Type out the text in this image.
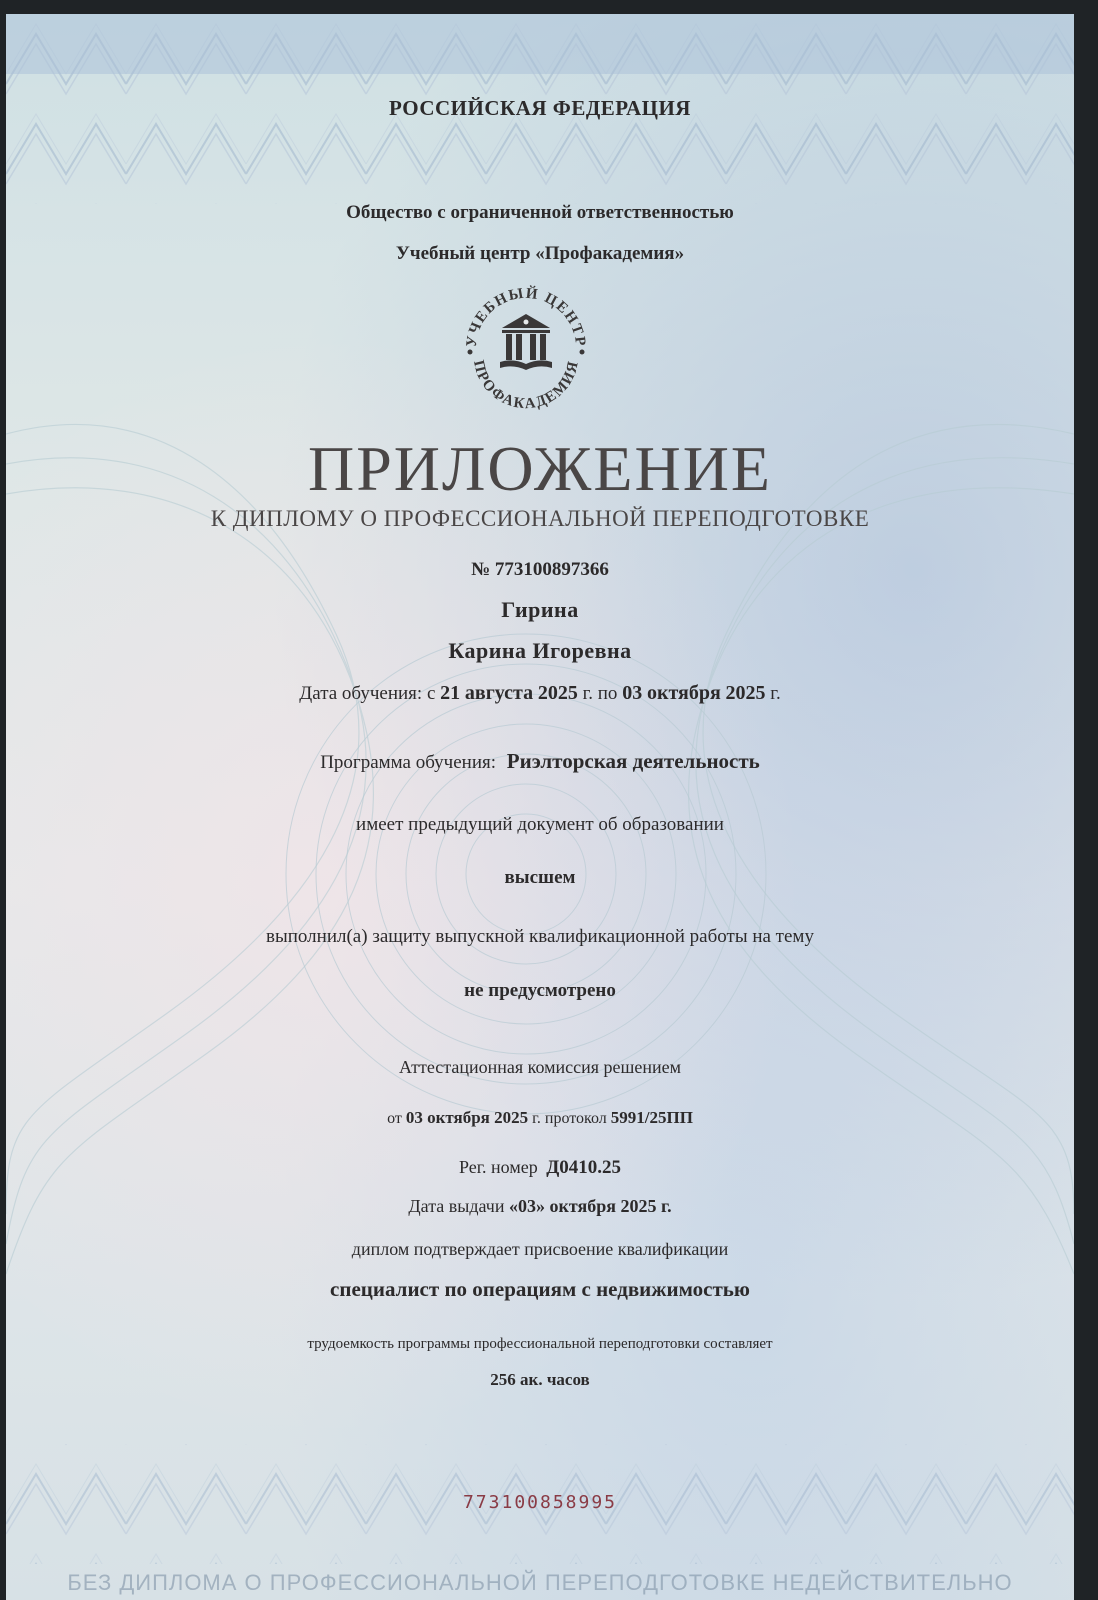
РОССИЙСКАЯ ФЕДЕРАЦИЯ
Общество с ограниченной ответственностью
Учебный центр «Профакадемия»
УЧЕБНЫЙ ЦЕНТР
ПРОФАКАДЕМИЯ
ПРИЛОЖЕНИЕ
К ДИПЛОМУ О ПРОФЕССИОНАЛЬНОЙ ПЕРЕПОДГОТОВКЕ
№ 773100897366
Гирина
Карина Игоревна
Дата обучения: с 21 августа 2025 г. по 03 октября 2025 г.
Программа обучения: Риэлторская деятельность
имеет предыдущий документ об образовании
высшем
выполнил(а) защиту выпускной квалификационной работы на тему
не предусмотрено
Аттестационная комиссия решением
от 03 октября 2025 г. протокол 5991/25ПП
Рег. номер Д0410.25
Дата выдачи «03» октября 2025 г.
диплом подтверждает присвоение квалификации
специалист по операциям с недвижимостью
трудоемкость программы профессиональной переподготовки составляет
256 ак. часов
773100858995
БЕЗ ДИПЛОМА О ПРОФЕССИОНАЛЬНОЙ ПЕРЕПОДГОТОВКЕ НЕДЕЙСТВИТЕЛЬНО
